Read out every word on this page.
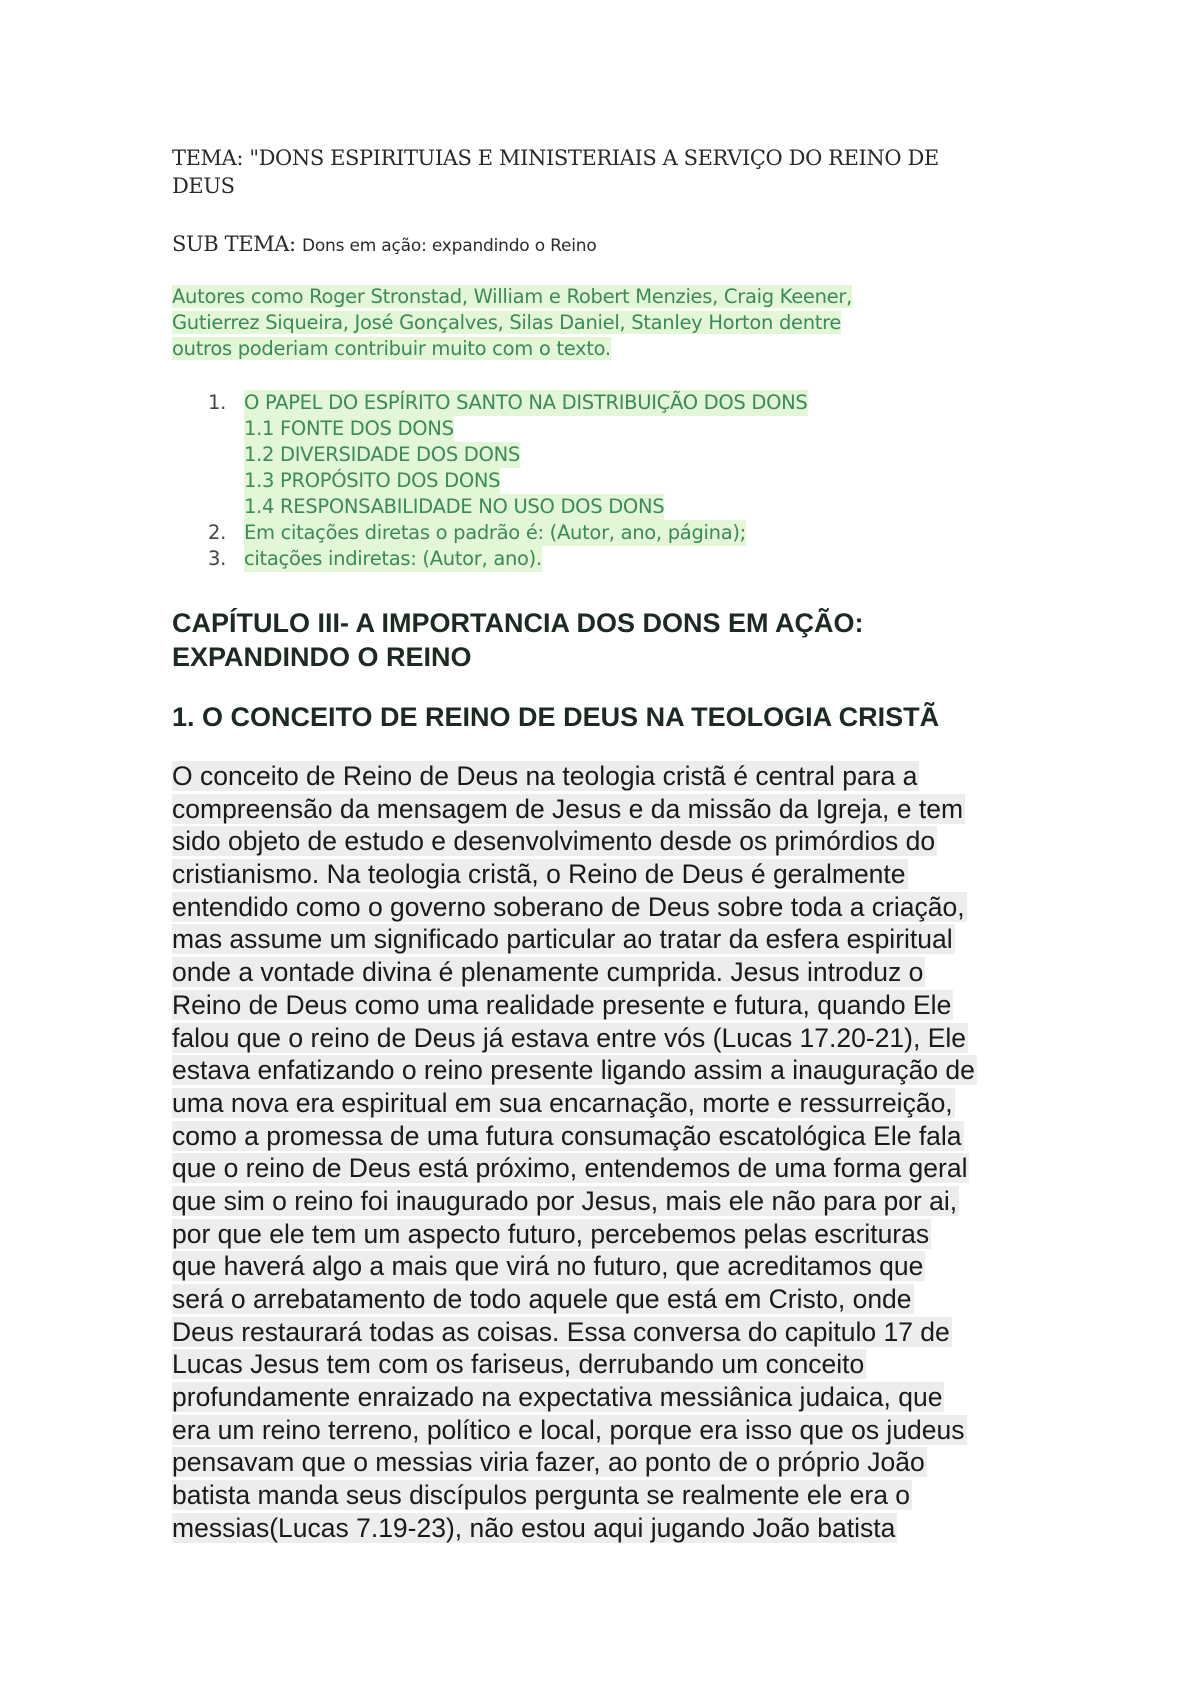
TEMA: "DONS ESPIRITUIAS E MINISTERIAIS A SERVIÇO DO REINO DE
DEUS
SUB TEMA: Dons em ação: expandindo o Reino
Autores como Roger Stronstad, William e Robert Menzies, Craig Keener,
Gutierrez Siqueira, José Gonçalves, Silas Daniel, Stanley Horton dentre
outros poderiam contribuir muito com o texto.
1. O PAPEL DO ESPÍRITO SANTO NA DISTRIBUIÇÃO DOS DONS
1.1 FONTE DOS DONS
1.2 DIVERSIDADE DOS DONS
1.3 PROPÓSITO DOS DONS
1.4 RESPONSABILIDADE NO USO DOS DONS
2. Em citações diretas o padrão é: (Autor, ano, página);
3. citações indiretas: (Autor, ano).
CAPÍTULO III- A IMPORTANCIA DOS DONS EM AÇÃO:
EXPANDINDO O REINO
1. O CONCEITO DE REINO DE DEUS NA TEOLOGIA CRISTÃ
O conceito de Reino de Deus na teologia cristã é central para a
compreensão da mensagem de Jesus e da missão da Igreja, e tem
sido objeto de estudo e desenvolvimento desde os primórdios do
cristianismo. Na teologia cristã, o Reino de Deus é geralmente
entendido como o governo soberano de Deus sobre toda a criação,
mas assume um significado particular ao tratar da esfera espiritual
onde a vontade divina é plenamente cumprida. Jesus introduz o
Reino de Deus como uma realidade presente e futura, quando Ele
falou que o reino de Deus já estava entre vós (Lucas 17.20-21), Ele
estava enfatizando o reino presente ligando assim a inauguração de
uma nova era espiritual em sua encarnação, morte e ressurreição,
como a promessa de uma futura consumação escatológica Ele fala
que o reino de Deus está próximo, entendemos de uma forma geral
que sim o reino foi inaugurado por Jesus, mais ele não para por ai,
por que ele tem um aspecto futuro, percebemos pelas escrituras
que haverá algo a mais que virá no futuro, que acreditamos que
será o arrebatamento de todo aquele que está em Cristo, onde
Deus restaurará todas as coisas. Essa conversa do capitulo 17 de
Lucas Jesus tem com os fariseus, derrubando um conceito
profundamente enraizado na expectativa messiânica judaica, que
era um reino terreno, político e local, porque era isso que os judeus
pensavam que o messias viria fazer, ao ponto de o próprio João
batista manda seus discípulos pergunta se realmente ele era o
messias(Lucas 7.19-23), não estou aqui jugando João batista
